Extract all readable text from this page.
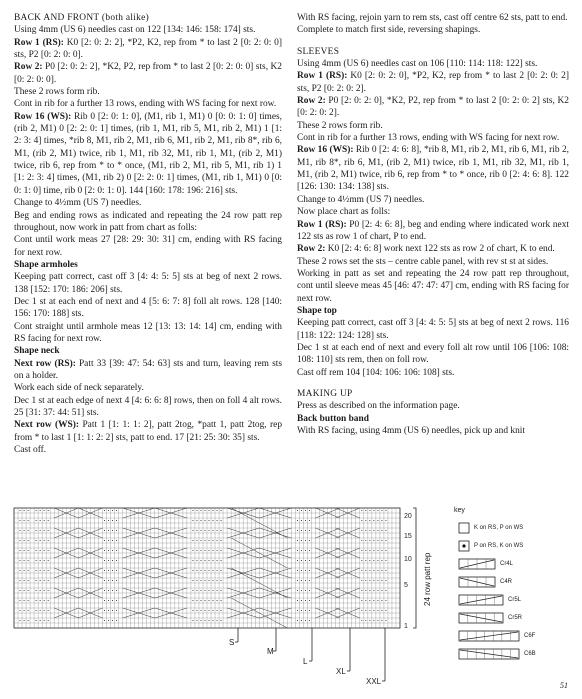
BACK AND FRONT (both alike)

Using 4mm (US 6) needles cast on 122 [134: 146: 158: 174] sts.

Row 1 (RS): K0 [2: 0: 2: 2], *P2, K2, rep from * to last 2 [0: 2: 0: 0] sts, P2 [0: 2: 0: 0].

Row 2: P0 [2: 0: 2: 2], *K2, P2, rep from * to last 2 [0: 2: 0: 0] sts, K2 [0: 2: 0: 0].

These 2 rows form rib.

Cont in rib for a further 13 rows, ending with WS facing for next row.

Row 16 (WS): Rib 0 [2: 0: 1: 0], (M1, rib 1, M1) 0 [0: 0: 1: 0] times, (rib 2, M1) 0 [2: 2: 0: 1] times, (rib 1, M1, rib 5, M1, rib 2, M1) 1 [1: 2: 3: 4] times, *rib 8, M1, rib 2, M1, rib 6, M1, rib 2, M1, rib 8*, rib 6, M1, (rib 2, M1) twice, rib 1, M1, rib 32, M1, rib 1, M1, (rib 2, M1) twice, rib 6, rep from * to * once, (M1, rib 2, M1, rib 5, M1, rib 1) 1 [1: 2: 3: 4] times, (M1, rib 2) 0 [2: 2: 0: 1] times, (M1, rib 1, M1) 0 [0: 0: 1: 0] time, rib 0 [2: 0: 1: 0]. 144 [160: 178: 196: 216] sts.

Change to 4½mm (US 7) needles.

Beg and ending rows as indicated and repeating the 24 row patt rep throughout, now work in patt from chart as folls:

Cont until work meas 27 [28: 29: 30: 31] cm, ending with RS facing for next row.

Shape armholes

Keeping patt correct, cast off 3 [4: 4: 5: 5] sts at beg of next 2 rows. 138 [152: 170: 186: 206] sts.

Dec 1 st at each end of next and 4 [5: 6: 7: 8] foll alt rows. 128 [140: 156: 170: 188] sts.

Cont straight until armhole meas 12 [13: 13: 14: 14] cm, ending with RS facing for next row.

Shape neck

Next row (RS): Patt 33 [39: 47: 54: 63] sts and turn, leaving rem sts on a holder.

Work each side of neck separately.

Dec 1 st at each edge of next 4 [4: 6: 6: 8] rows, then on foll 4 alt rows. 25 [31: 37: 44: 51] sts.

Next row (WS): Patt 1 [1: 1: 1: 2], patt 2tog, *patt 1, patt 2tog, rep from * to last 1 [1: 1: 2: 2] sts, patt to end. 17 [21: 25: 30: 35] sts.

Cast off.

With RS facing, rejoin yarn to rem sts, cast off centre 62 sts, patt to end.

Complete to match first side, reversing shapings.

SLEEVES

Using 4mm (US 6) needles cast on 106 [110: 114: 118: 122] sts.

Row 1 (RS): K0 [2: 0: 2: 0], *P2, K2, rep from * to last 2 [0: 2: 0: 2] sts, P2 [0: 2: 0: 2].

Row 2: P0 [2: 0: 2: 0], *K2, P2, rep from * to last 2 [0: 2: 0: 2] sts, K2 [0: 2: 0: 2].

These 2 rows form rib.

Cont in rib for a further 13 rows, ending with WS facing for next row.

Row 16 (WS): Rib 0 [2: 4: 6: 8], *rib 8, M1, rib 2, M1, rib 6, M1, rib 2, M1, rib 8*, rib 6, M1, (rib 2, M1) twice, rib 1, M1, rib 32, M1, rib 1, M1, (rib 2, M1) twice, rib 6, rep from * to * once, rib 0 [2: 4: 6: 8]. 122 [126: 130: 134: 138] sts.

Change to 4½mm (US 7) needles.

Now place chart as folls:

Row 1 (RS): P0 [2: 4: 6: 8], beg and ending where indicated work next 122 sts as row 1 of chart, P to end.

Row 2: K0 [2: 4: 6: 8] work next 122 sts as row 2 of chart, K to end.

These 2 rows set the sts – centre cable panel, with rev st st at sides.

Working in patt as set and repeating the 24 row patt rep throughout, cont until sleeve meas 45 [46: 47: 47: 47] cm, ending with RS facing for next row.

Shape top

Keeping patt correct, cast off 3 [4: 4: 5: 5] sts at beg of next 2 rows. 116 [118: 122: 124: 128] sts.

Dec 1 st at each end of next and every foll alt row until 106 [106: 108: 108: 110] sts rem, then on foll row.

Cast off rem 104 [104: 106: 106: 108] sts.

MAKING UP

Press as described on the information page.

Back button band

With RS facing, using 4mm (US 6) needles, pick up and knit

20
15
10
5
1
24 row patt rep
S
M
L
XL
XXL
key
K on RS, P on WS
P on RS, K on WS
Cr4L
C4R
Cr5L
Cr5R
C6F
C6B
51
